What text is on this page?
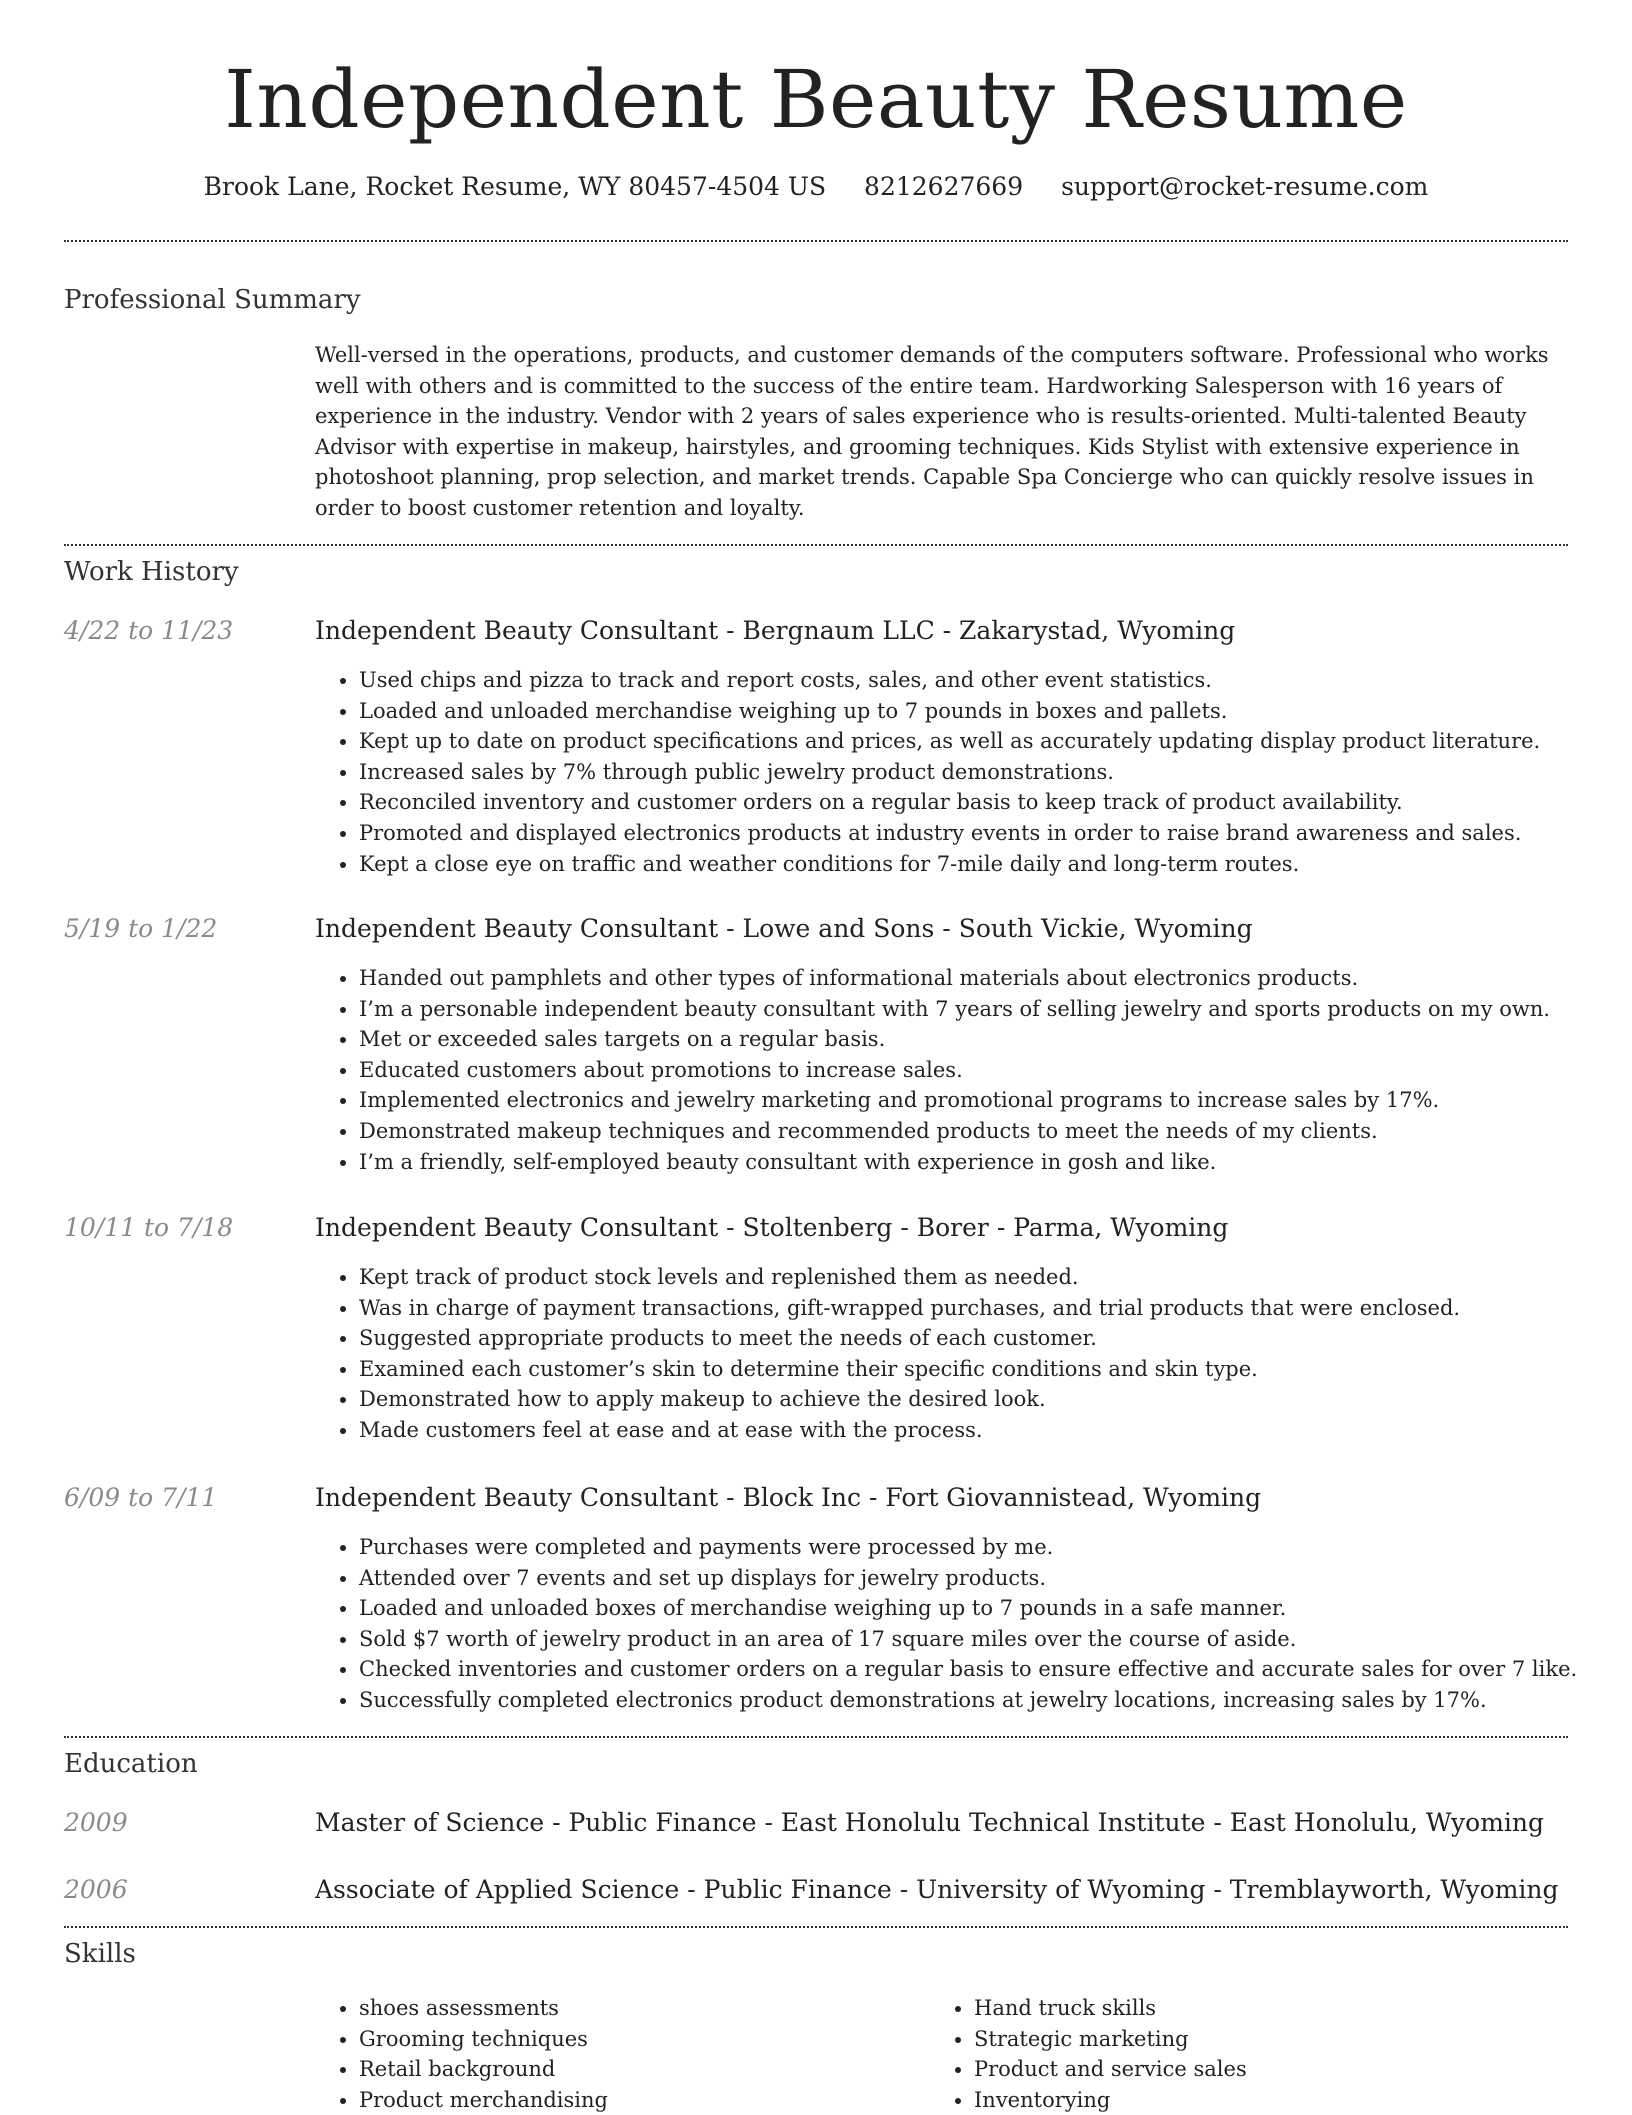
Independent Beauty Resume
Brook Lane, Rocket Resume, WY 80457-4504 US 8212627669 support@rocket-resume.com
Professional Summary
Well-versed in the operations, products, and customer demands of the computers software. Professional who works well with others and is committed to the success of the entire team. Hardworking Salesperson with 16 years of experience in the industry. Vendor with 2 years of sales experience who is results-oriented. Multi-talented Beauty Advisor with expertise in makeup, hairstyles, and grooming techniques. Kids Stylist with extensive experience in photoshoot planning, prop selection, and market trends. Capable Spa Concierge who can quickly resolve issues in order to boost customer retention and loyalty.
Work History
4/22 to 11/23	Independent Beauty Consultant - Bergnaum LLC - Zakarystad, Wyoming
• Used chips and pizza to track and report costs, sales, and other event statistics.
• Loaded and unloaded merchandise weighing up to 7 pounds in boxes and pallets.
• Kept up to date on product specifications and prices, as well as accurately updating display product literature.
• Increased sales by 7% through public jewelry product demonstrations.
• Reconciled inventory and customer orders on a regular basis to keep track of product availability.
• Promoted and displayed electronics products at industry events in order to raise brand awareness and sales.
• Kept a close eye on traffic and weather conditions for 7-mile daily and long-term routes.
5/19 to 1/22	Independent Beauty Consultant - Lowe and Sons - South Vickie, Wyoming
• Handed out pamphlets and other types of informational materials about electronics products.
• I’m a personable independent beauty consultant with 7 years of selling jewelry and sports products on my own.
• Met or exceeded sales targets on a regular basis.
• Educated customers about promotions to increase sales.
• Implemented electronics and jewelry marketing and promotional programs to increase sales by 17%.
• Demonstrated makeup techniques and recommended products to meet the needs of my clients.
• I’m a friendly, self-employed beauty consultant with experience in gosh and like.
10/11 to 7/18	Independent Beauty Consultant - Stoltenberg - Borer - Parma, Wyoming
• Kept track of product stock levels and replenished them as needed.
• Was in charge of payment transactions, gift-wrapped purchases, and trial products that were enclosed.
• Suggested appropriate products to meet the needs of each customer.
• Examined each customer’s skin to determine their specific conditions and skin type.
• Demonstrated how to apply makeup to achieve the desired look.
• Made customers feel at ease and at ease with the process.
6/09 to 7/11	Independent Beauty Consultant - Block Inc - Fort Giovannistead, Wyoming
• Purchases were completed and payments were processed by me.
• Attended over 7 events and set up displays for jewelry products.
• Loaded and unloaded boxes of merchandise weighing up to 7 pounds in a safe manner.
• Sold $7 worth of jewelry product in an area of 17 square miles over the course of aside.
• Checked inventories and customer orders on a regular basis to ensure effective and accurate sales for over 7 like.
• Successfully completed electronics product demonstrations at jewelry locations, increasing sales by 17%.
Education
2009	Master of Science - Public Finance - East Honolulu Technical Institute - East Honolulu, Wyoming
2006	Associate of Applied Science - Public Finance - University of Wyoming - Tremblayworth, Wyoming
Skills
• shoes assessments
• Grooming techniques
• Retail background
• Product merchandising
• Hand truck skills
• Strategic marketing
• Product and service sales
• Inventorying
